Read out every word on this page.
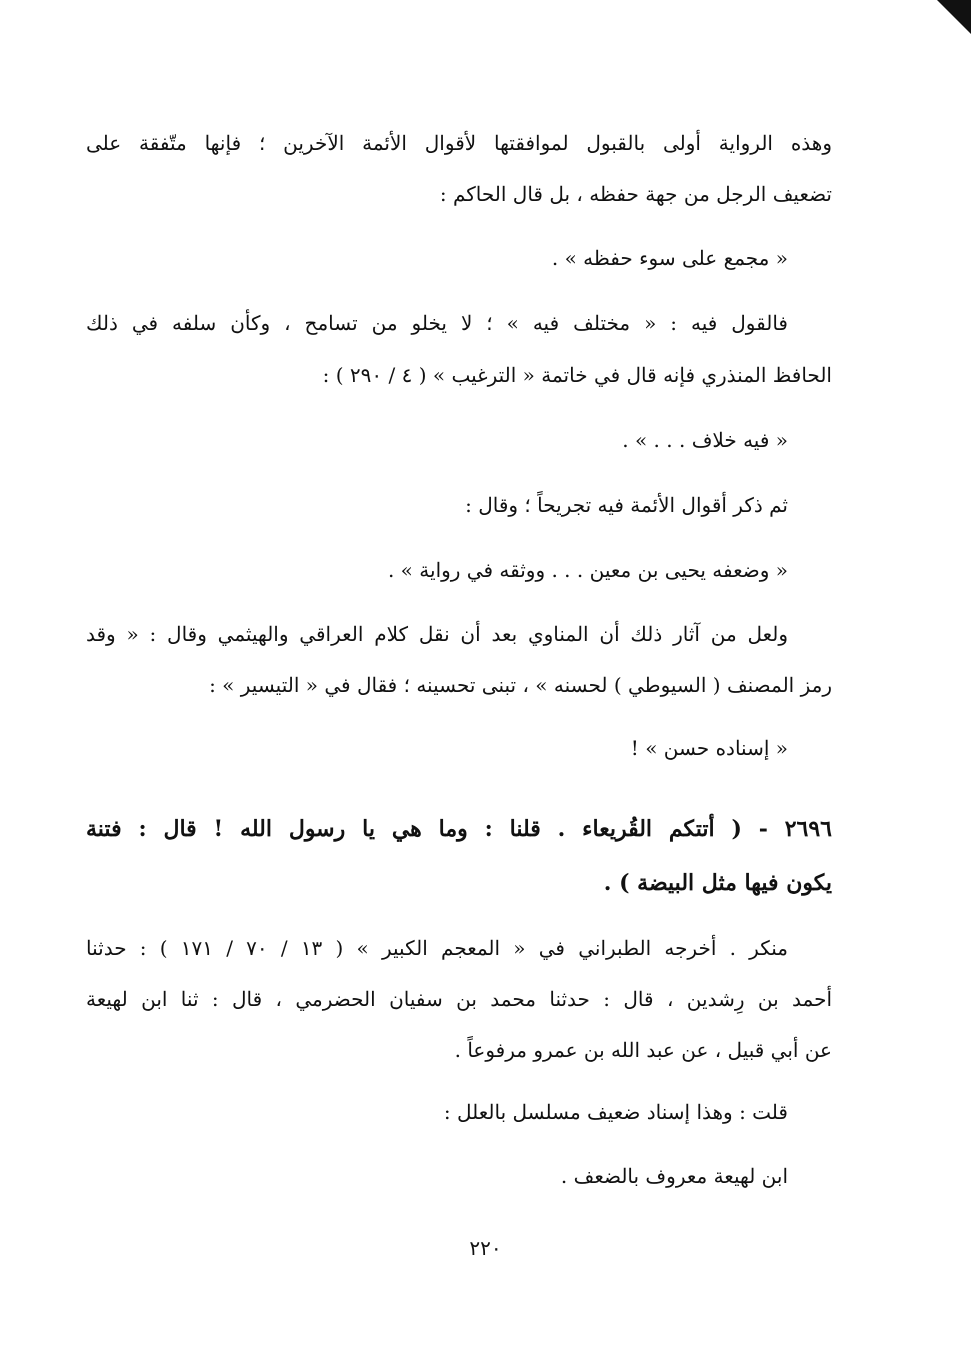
وهذه الرواية أولى بالقبول لموافقتها لأقوال الأئمة الآخرين ؛ فإنها متّفقة على
تضعيف الرجل من جهة حفظه ، بل قال الحاكم :
« مجمع على سوء حفظه » .
فالقول فيه : « مختلف فيه » ؛ لا يخلو من تسامح ، وكأن سلفه في ذلك
الحافظ المنذري فإنه قال في خاتمة « الترغيب » ( ٤ / ٢٩٠ ) :
« فيه خلاف . . . » .
ثم ذكر أقوال الأئمة فيه تجريحاً ؛ وقال :
« وضعفه يحيى بن معين . . . ووثقه في رواية » .
ولعل من آثار ذلك أن المناوي بعد أن نقل كلام العراقي والهيثمي وقال : « وقد
رمز المصنف ( السيوطي ) لحسنه » ، تبنى تحسينه ؛ فقال في « التيسير » :
« إسناده حسن » !
٢٦٩٦ - ( أتتكم القُريعاء . قلنا : وما هي يا رسول الله ! قال : فتنة
يكون فيها مثل البيضة ) .
منكر . أخرجه الطبراني في « المعجم الكبير » ( ١٣ / ٧٠ / ١٧١ ) : حدثنا
أحمد بن رِشدين ، قال : حدثنا محمد بن سفيان الحضرمي ، قال : ثنا ابن لهيعة
عن أبي قبيل ، عن عبد الله بن عمرو مرفوعاً .
قلت : وهذا إسناد ضعيف مسلسل بالعلل :
ابن لهيعة معروف بالضعف .
٢٢٠
